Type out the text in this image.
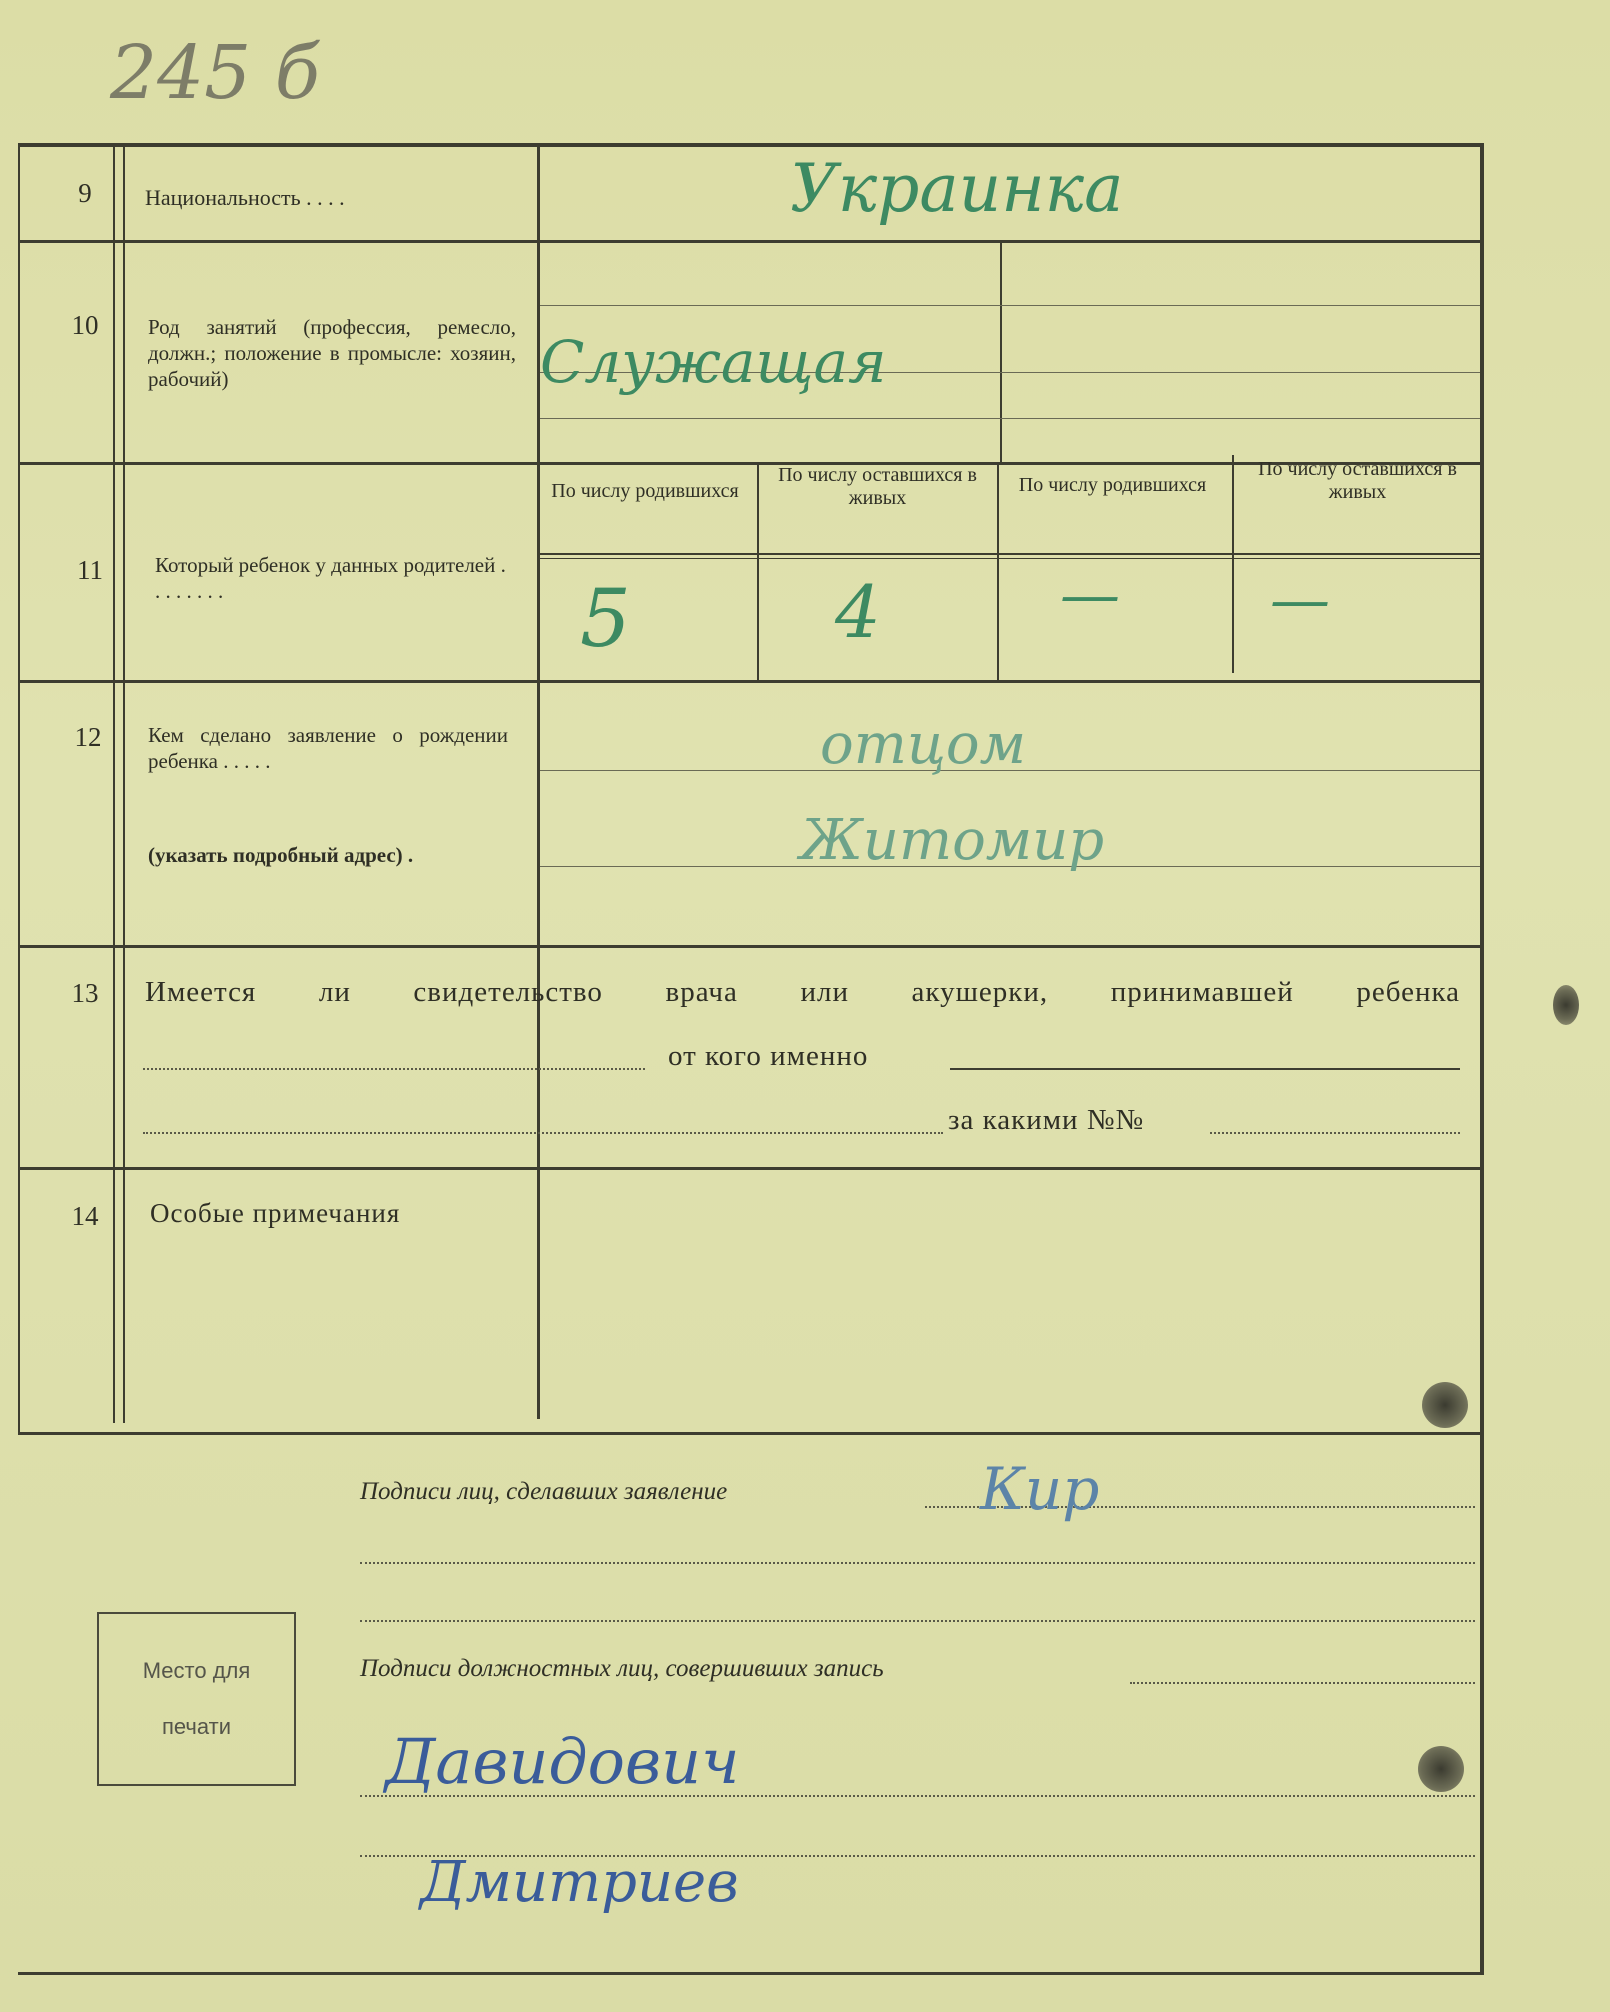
245 б
9	Национальность . . . .	Украинка
10	Род занятий (профессия, ремесло, должн.; положение в промысле: хозяин, рабочий)	Служащая
По числу родившихся
По числу оставшихся в живых
По числу родившихся
По числу оставшихся в живых
11	Который ребенок у данных родителей . . . . . . . .	5	4	—	—
12	Кем сделано заявление о рождении ребенка . . . . .
(указать подробный адрес) .
отцом
Житомир
13	Имеется ли свидетельство врача или акушерки, принимавшей ребенка
от кого именно
за какими №№
14	Особые примечания
Подписи лиц, сделавших заявление	Кир
Подписи должностных лиц, совершивших запись
Давидович
Дмитриев
Место для
печати
